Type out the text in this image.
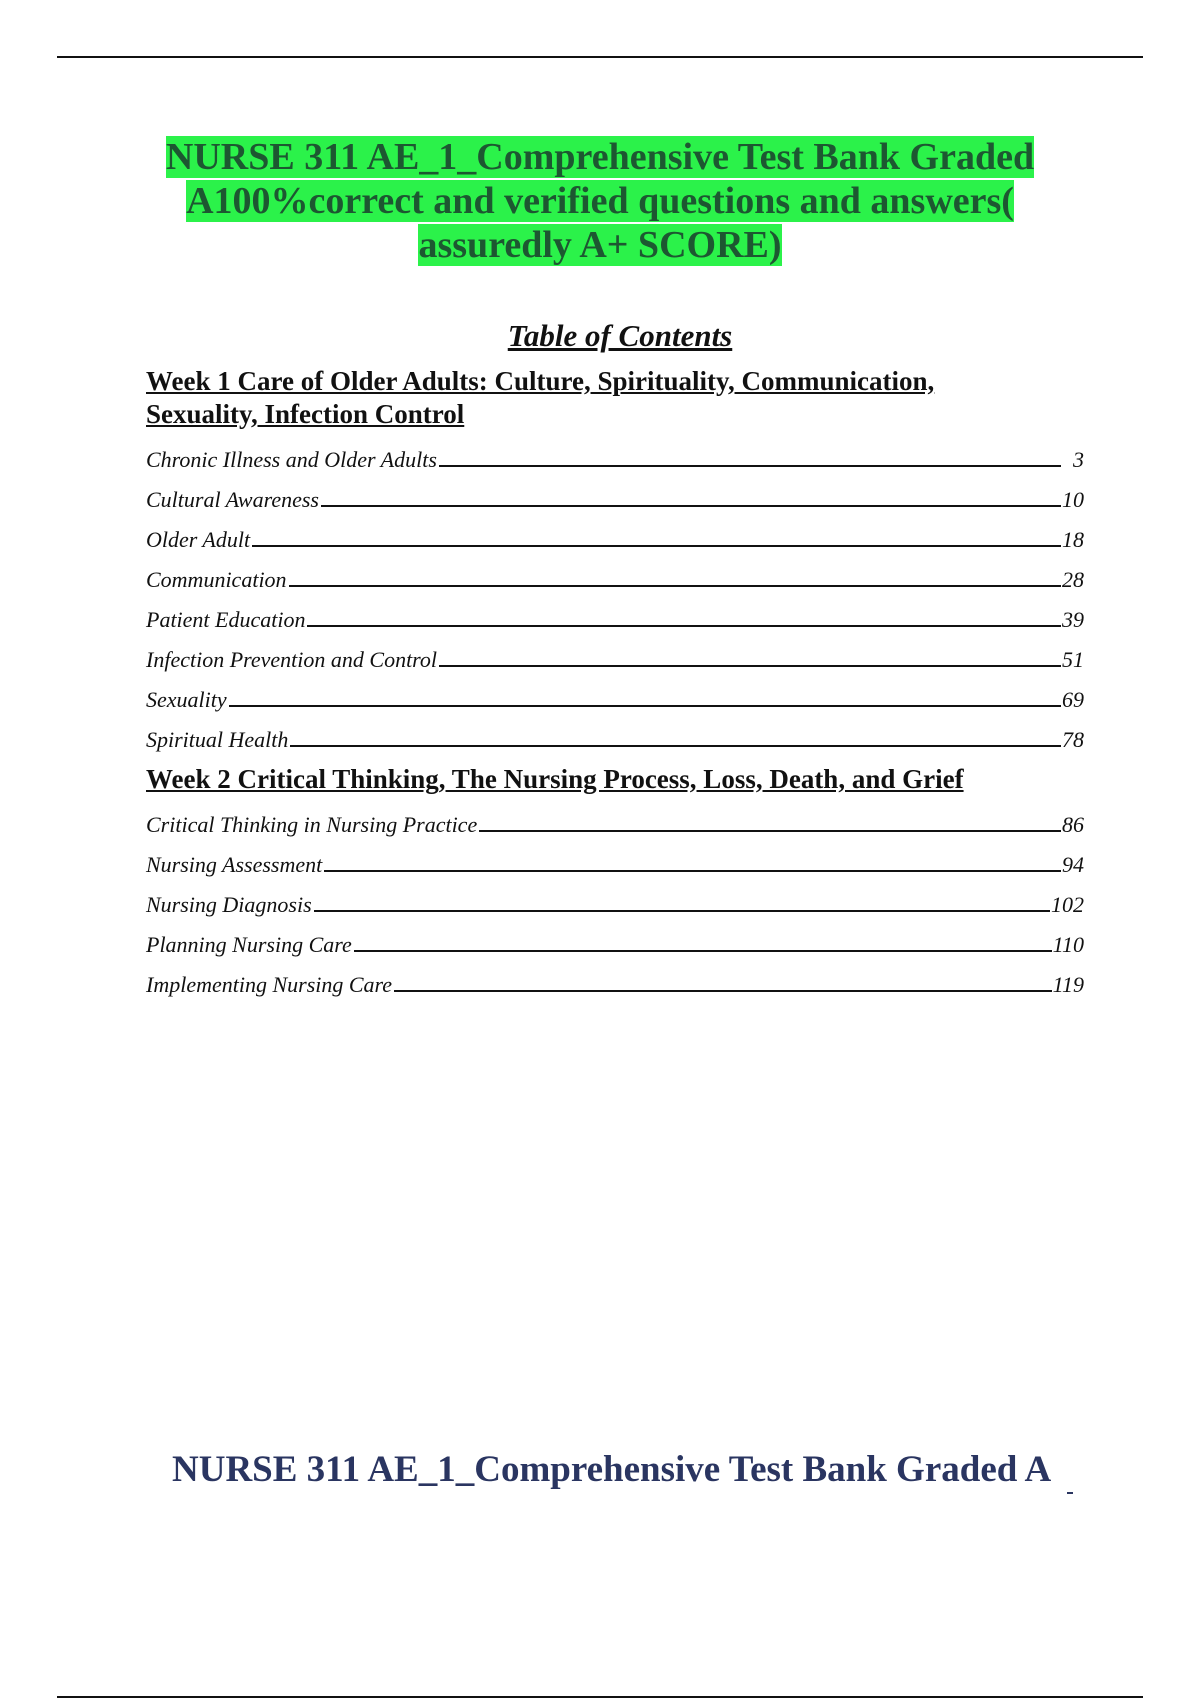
NURSE 311 AE_1_Comprehensive Test Bank Graded A100%correct and verified questions and answers( assuredly A+ SCORE)
Table of Contents
Week 1 Care of Older Adults: Culture, Spirituality, Communication, Sexuality, Infection Control
Chronic Illness and Older Adults	3
Cultural Awareness	10
Older Adult	18
Communication	28
Patient Education	39
Infection Prevention and Control	51
Sexuality	69
Spiritual Health	78
Week 2 Critical Thinking, The Nursing Process, Loss, Death, and Grief
Critical Thinking in Nursing Practice	86
Nursing Assessment	94
Nursing Diagnosis	102
Planning Nursing Care	110
Implementing Nursing Care	119
NURSE 311 AE_1_Comprehensive Test Bank Graded A
